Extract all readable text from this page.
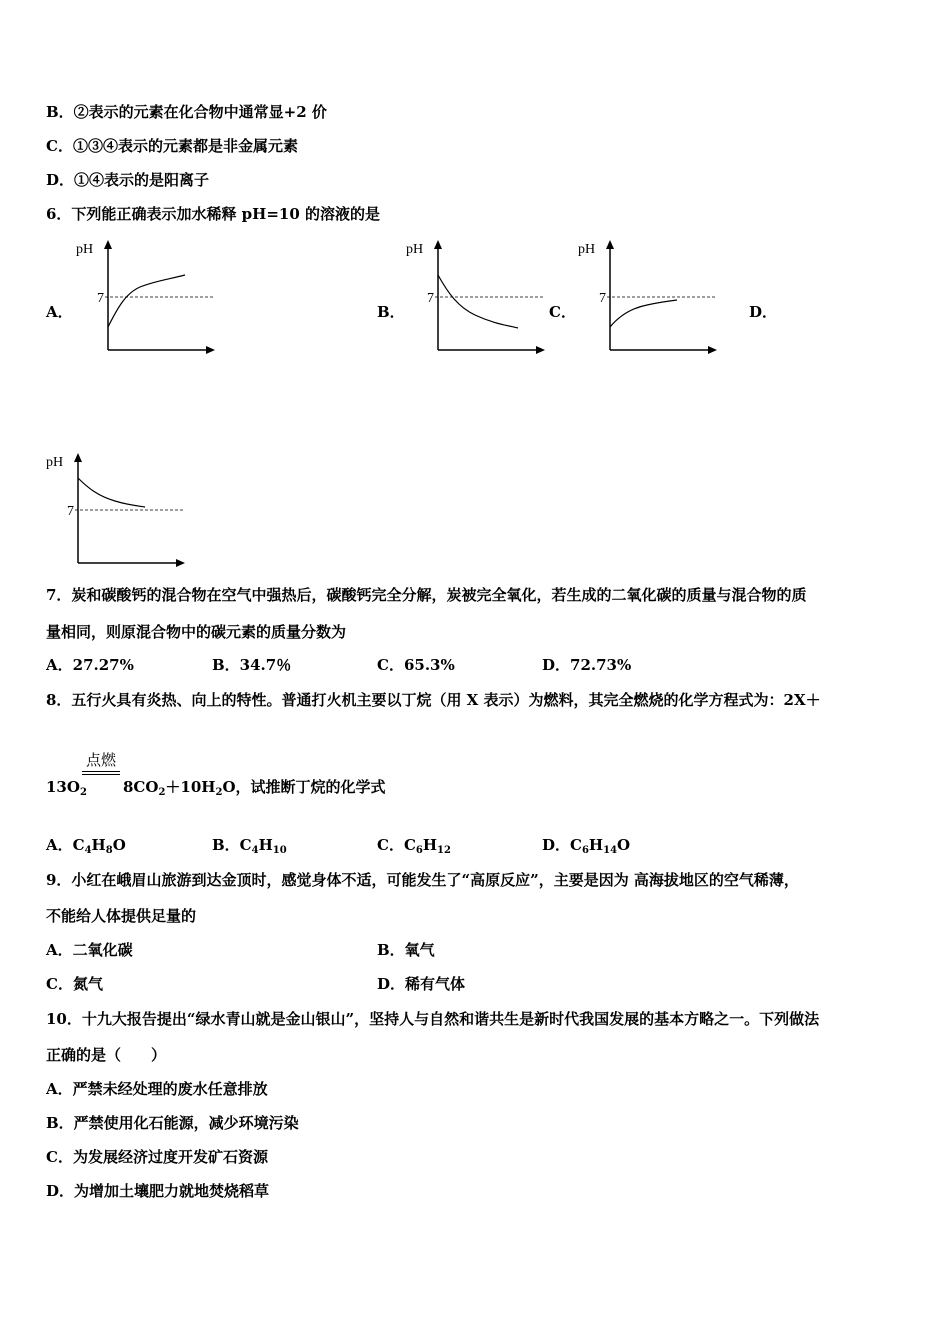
B．②表示的元素在化合物中通常显+2 价
C．①③④表示的元素都是非金属元素
D．①④表示的是阳离子
6．下列能正确表示加水稀释 pH=10 的溶液的是
A．	B．	C．	D．
pH
7
pH
7
pH
7
pH
7
7．炭和碳酸钙的混合物在空气中强热后，碳酸钙完全分解，炭被完全氧化，若生成的二氧化碳的质量与混合物的质
量相同，则原混合物中的碳元素的质量分数为
A．27.27%	B．34.7％	C．65.3%	D．72.73%
8．五行火具有炎热、向上的特性。普通打火机主要以丁烷（用 X 表示）为燃料，其完全燃烧的化学方程式为：2X＋
点燃
$13O_2$ $8CO_2+10H_2O$，试推断丁烷的化学式
A．$C_4H_8O$	B．$C_4H_{10}$	C．$C_6H_{12}$	D．$C_6H_{14}O$
9．小红在峨眉山旅游到达金顶时，感觉身体不适，可能发生了“高原反应”，主要是因为 高海拔地区的空气稀薄，
不能给人体提供足量的
A．二氧化碳	B．氧气
C．氮气	D．稀有气体
10．十九大报告提出“绿水青山就是金山银山”，坚持人与自然和谐共生是新时代我国发展的基本方略之一。下列做法
正确的是（　　）
A．严禁未经处理的废水任意排放
B．严禁使用化石能源，减少环境污染
C．为发展经济过度开发矿石资源
D．为增加土壤肥力就地焚烧稻草
